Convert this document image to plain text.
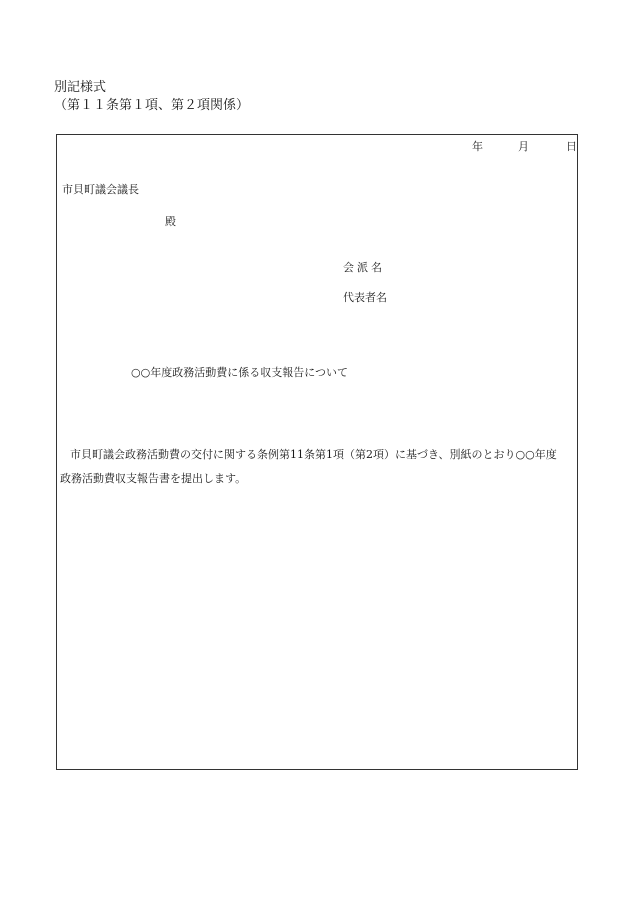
別記様式
（第１１条第１項、第２項関係）
年	月	日
市貝町議会議長
殿
会派名
代表者名
○○年度政務活動費に係る収支報告について
市貝町議会政務活動費の交付に関する条例第11条第1項（第2項）に基づき、別紙のとおり○○年度
政務活動費収支報告書を提出します。
